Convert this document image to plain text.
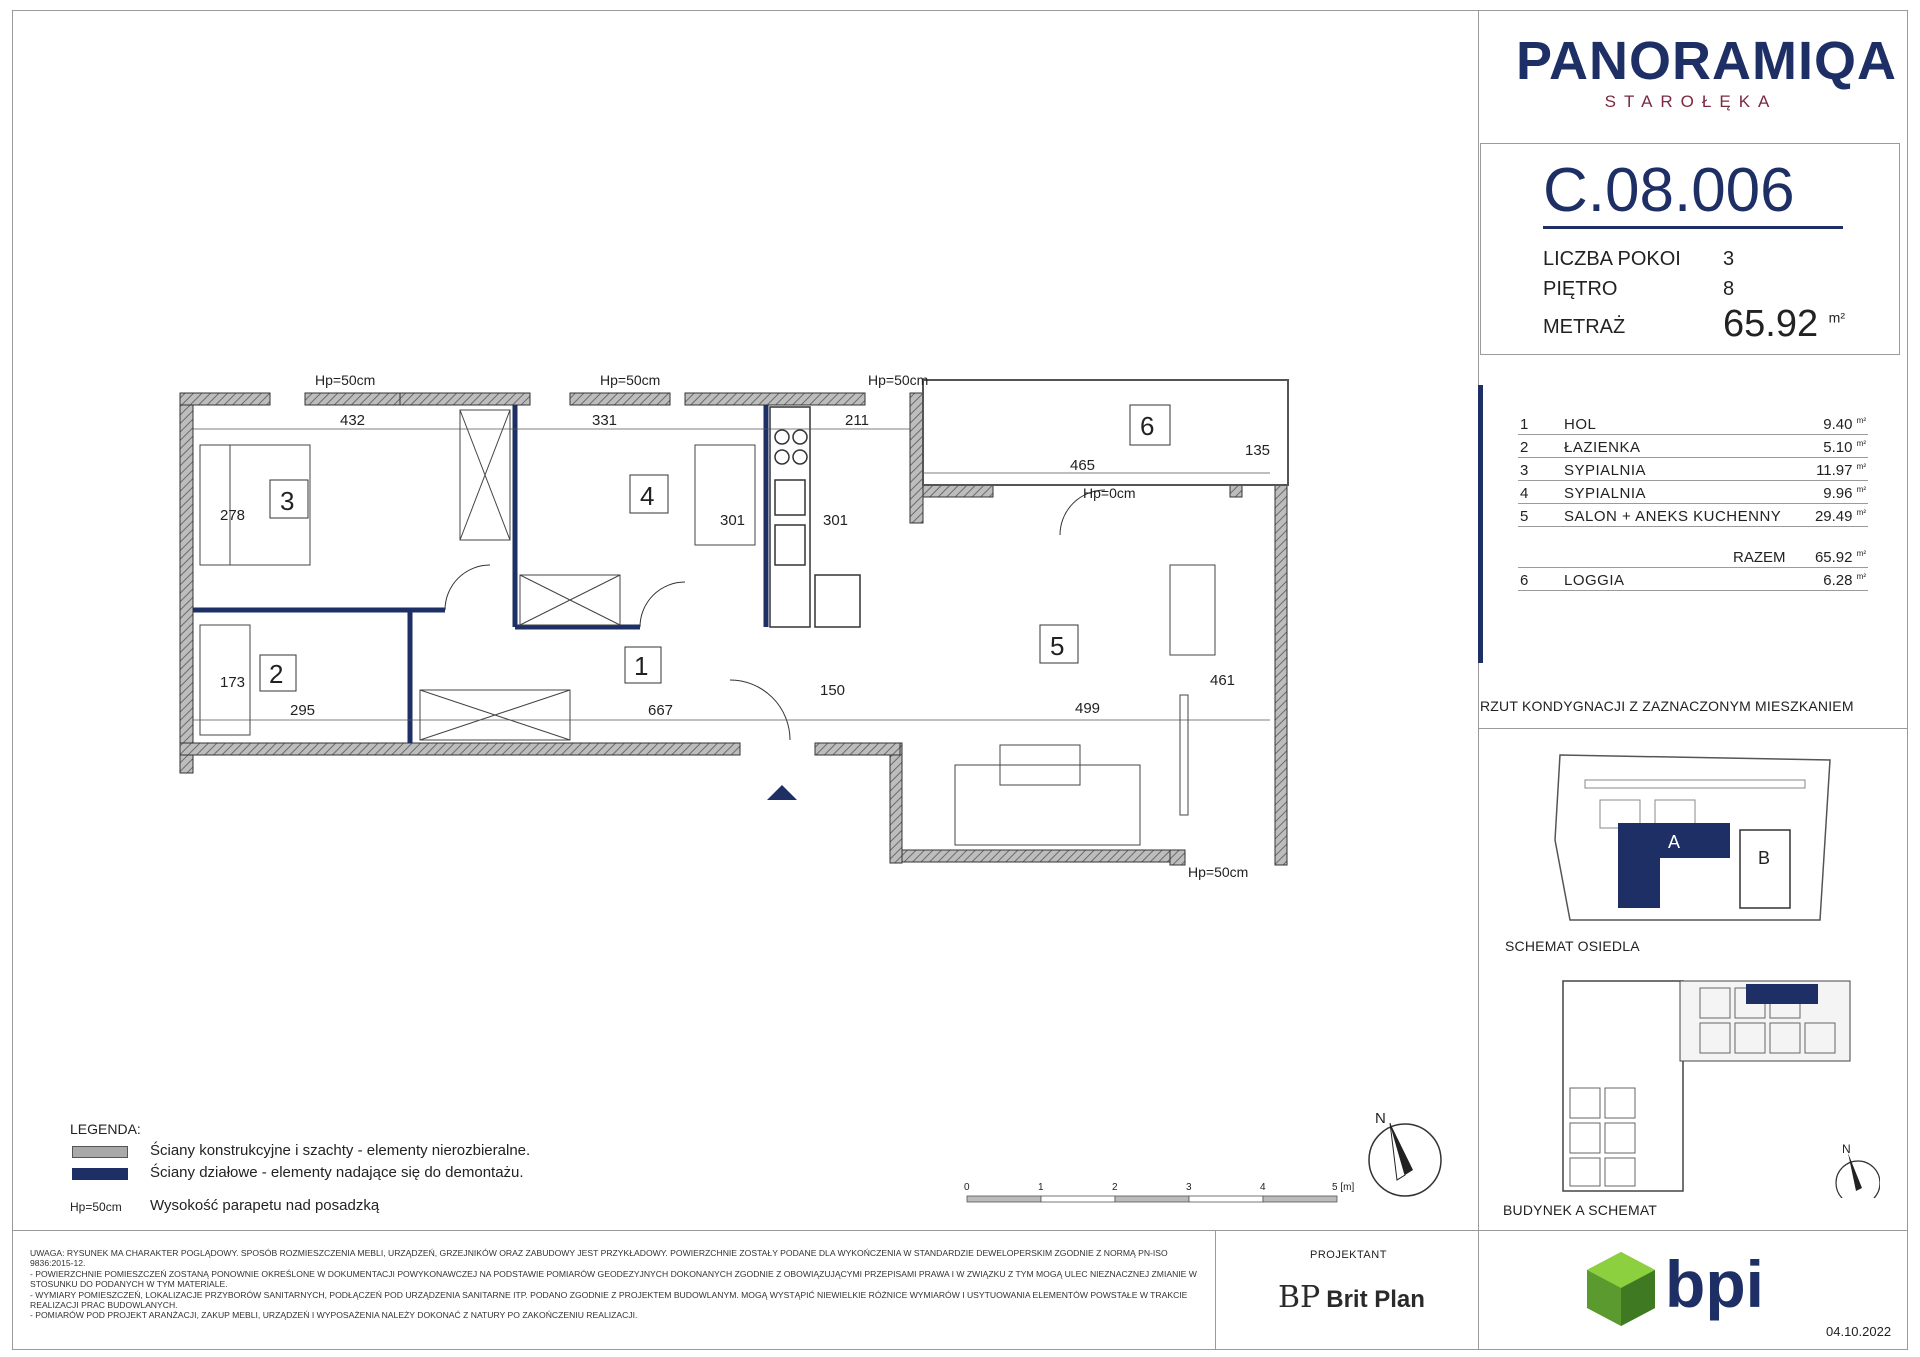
PANORAMIQA
STAROŁĘKA
C.08.006
LICZBA POKOI 3
PIĘTRO	8
METRAŻ	65.92 $^{m^2}$
1 HOL	9.40 $^{m^2}$
2 ŁAZIENKA	5.10 $^{m^2}$
3 SYPIALNIA	11.97 $^{m^2}$
4 SYPIALNIA	9.96 $^{m^2}$
5 SALON + ANEKS KUCHENNY 29.49 $^{m^2}$
RAZEM 65.92 $^{m^2}$
6 LOGGIA	6.28 $^{m^2}$
RZUT KONDYGNACJI Z ZAZNACZONYM MIESZKANIEM
A
B
SCHEMAT OSIEDLA
N
BUDYNEK A SCHEMAT
3	4
6
5
2	1
432	331	211
465
135
278	301	301
173
295	667
150
499
461
Hp=50cm	Hp=50cm	Hp=50cm
Hp=0cm
Hp=50cm
N
0	1	2	3	4	5 [m]
LEGENDA:
Ściany konstrukcyjne i szachty - elementy nierozbieralne.
Ściany działowe - elementy nadające się do demontażu.
Hp=50cm Wysokość parapetu nad posadzką
UWAGA: RYSUNEK MA CHARAKTER POGLĄDOWY. SPOSÓB ROZMIESZCZENIA MEBLI, URZĄDZEŃ, GRZEJNIKÓW ORAZ ZABUDOWY JEST PRZYKŁADOWY. POWIERZCHNIE ZOSTAŁY PODANE DLA WYKOŃCZENIA W STANDARDZIE DEWELOPERSKIM ZGODNIE Z NORMĄ PN-ISO 9836:2015-12.
- POWIERZCHNIE POMIESZCZEŃ ZOSTANĄ PONOWNIE OKREŚLONE W DOKUMENTACJI POWYKONAWCZEJ NA PODSTAWIE POMIARÓW GEODEZYJNYCH DOKONANYCH ZGODNIE Z OBOWIĄZUJĄCYMI PRZEPISAMI PRAWA I W ZWIĄZKU Z TYM MOGĄ ULEC NIEZNACZNEJ ZMIANIE W STOSUNKU DO PODANYCH W TYM MATERIALE.
- WYMIARY POMIESZCZEŃ, LOKALIZACJE PRZYBORÓW SANITARNYCH, PODŁĄCZEŃ POD URZĄDZENIA SANITARNE ITP. PODANO ZGODNIE Z PROJEKTEM BUDOWLANYM. MOGĄ WYSTĄPIĆ NIEWIELKIE RÓŻNICE WYMIARÓW I USYTUOWANIA ELEMENTÓW POWSTAŁE W TRAKCIE REALIZACJI PRAC BUDOWLANYCH.
- POMIARÓW POD PROJEKT ARANŻACJI, ZAKUP MEBLI, URZĄDZEŃ I WYPOSAŻENIA NALEŻY DOKONAĆ Z NATURY PO ZAKOŃCZENIU REALIZACJI.
PROJEKTANT
BP Brit Plan	bpi
04.10.2022
